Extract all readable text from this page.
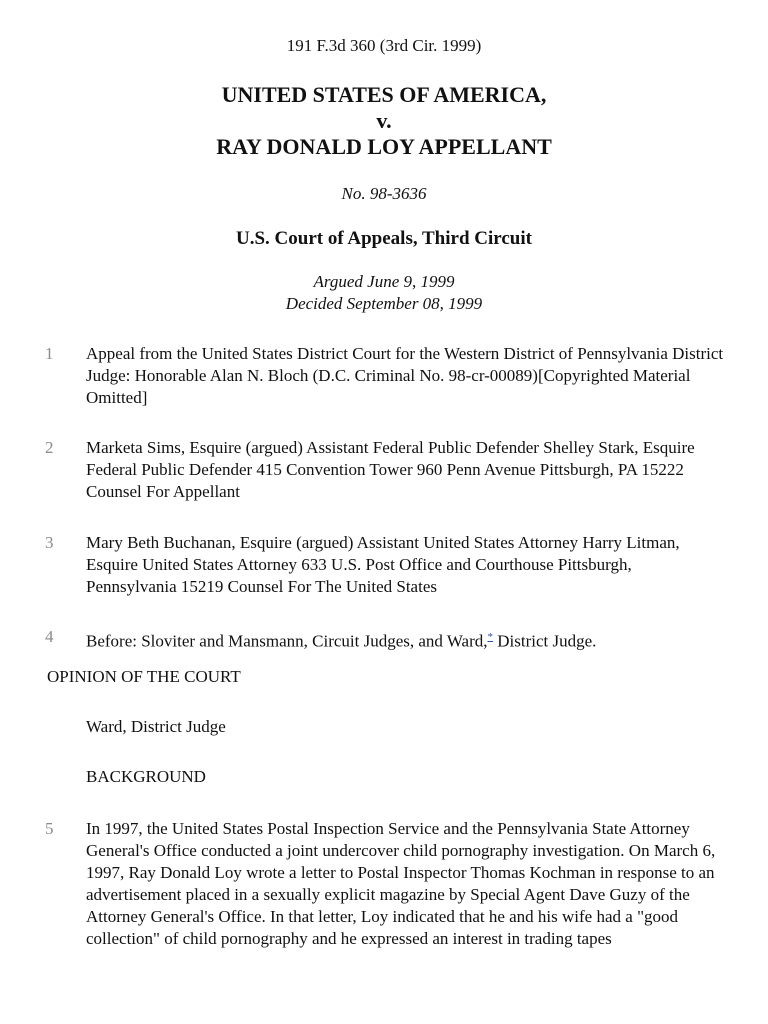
191 F.3d 360 (3rd Cir. 1999)
UNITED STATES OF AMERICA,
v.
RAY DONALD LOY APPELLANT
No. 98-3636
U.S. Court of Appeals, Third Circuit
Argued June 9, 1999
Decided September 08, 1999
1	Appeal from the United States District Court for the Western District of Pennsylvania District Judge: Honorable Alan N. Bloch (D.C. Criminal No. 98-cr-00089)[Copyrighted Material Omitted]
2	Marketa Sims, Esquire (argued) Assistant Federal Public Defender Shelley Stark, Esquire Federal Public Defender 415 Convention Tower 960 Penn Avenue Pittsburgh, PA 15222 Counsel For Appellant
3	Mary Beth Buchanan, Esquire (argued) Assistant United States Attorney Harry Litman, Esquire United States Attorney 633 U.S. Post Office and Courthouse Pittsburgh, Pennsylvania 15219 Counsel For The United States
4	Before: Sloviter and Mansmann, Circuit Judges, and Ward,* District Judge.
OPINION OF THE COURT
Ward, District Judge
BACKGROUND
5	In 1997, the United States Postal Inspection Service and the Pennsylvania State Attorney General's Office conducted a joint undercover child pornography investigation. On March 6, 1997, Ray Donald Loy wrote a letter to Postal Inspector Thomas Kochman in response to an advertisement placed in a sexually explicit magazine by Special Agent Dave Guzy of the Attorney General's Office. In that letter, Loy indicated that he and his wife had a "good collection" of child pornography and he expressed an interest in trading tapes
